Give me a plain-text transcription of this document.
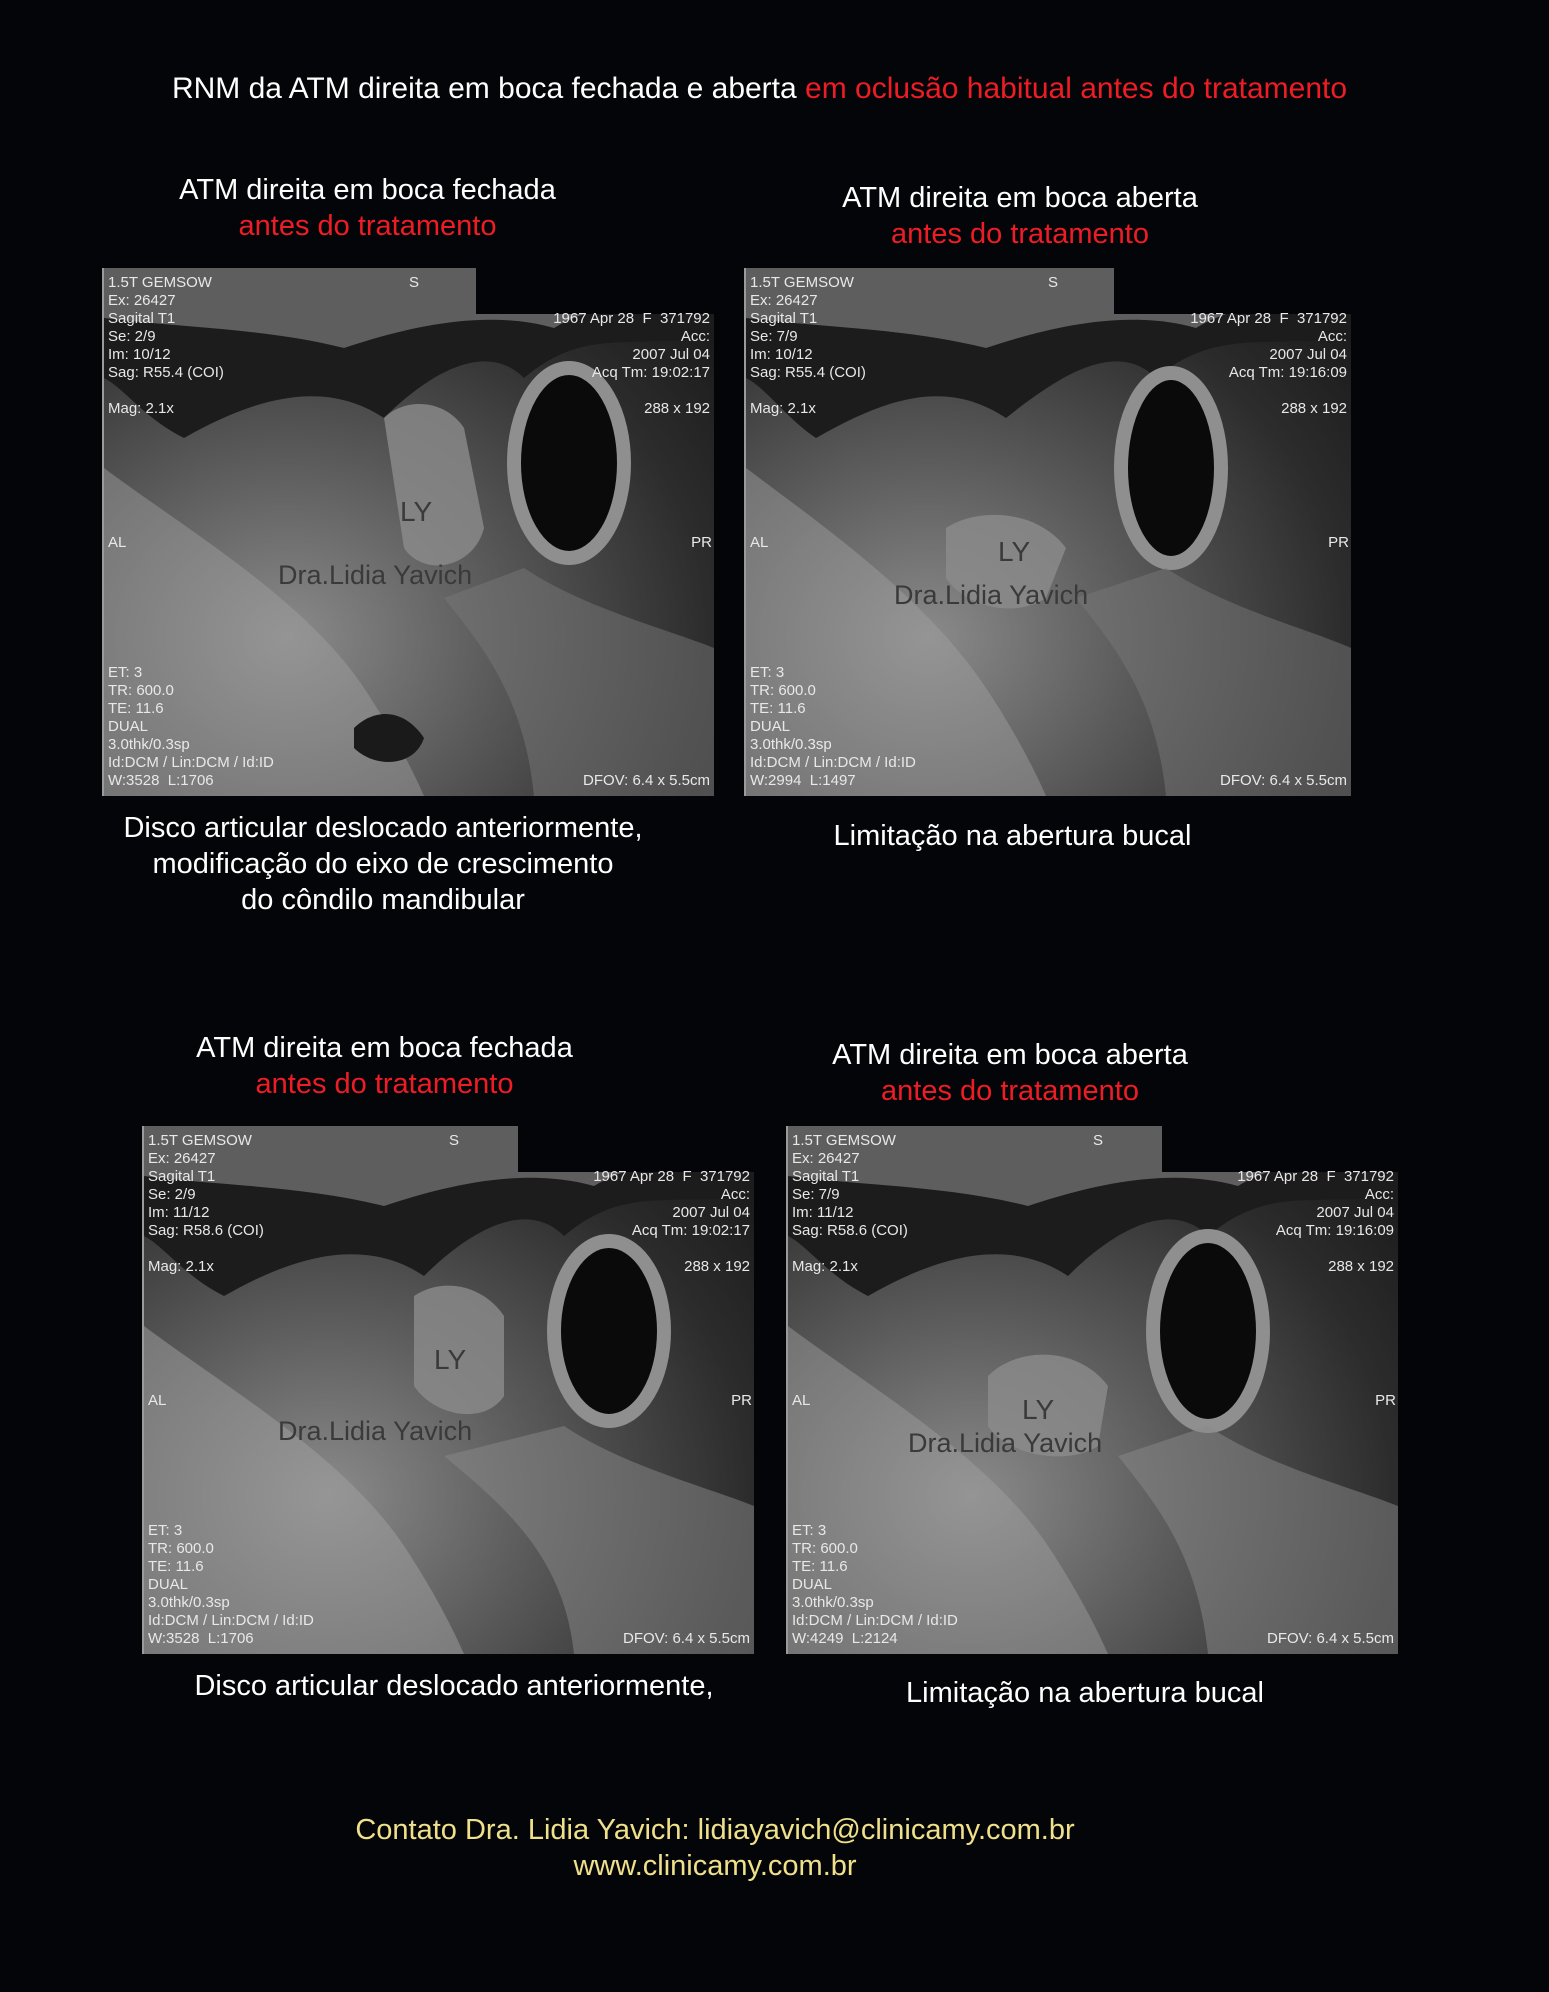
RNM da ATM direita em boca fechada e aberta em oclusão habitual antes do tratamento
ATM direita em boca fechada
antes do tratamento
ATM direita em boca aberta
antes do tratamento
ATM direita em boca fechada
antes do tratamento
ATM direita em boca aberta
antes do tratamento
1.5T GEMSOW
Ex: 26427
Sagital T1
Se: 2/9
Im: 10/12
Sag: R55.4 (COI)

Mag: 2.1x
S
1967 Apr 28  F  371792
Acc:
2007 Jul 04
Acq Tm: 19:02:17

288 x 192
AL	PR
ET: 3
TR: 600.0
TE: 11.6
DUAL
3.0thk/0.3sp
Id:DCM / Lin:DCM / Id:ID
W:3528  L:1706	DFOV: 6.4 x 5.5cm
LY
Dra.Lidia Yavich
1.5T GEMSOW
Ex: 26427
Sagital T1
Se: 7/9
Im: 10/12
Sag: R55.4 (COI)

Mag: 2.1x
S
1967 Apr 28  F  371792
Acc:
2007 Jul 04
Acq Tm: 19:16:09

288 x 192
AL	PR
ET: 3
TR: 600.0
TE: 11.6
DUAL
3.0thk/0.3sp
Id:DCM / Lin:DCM / Id:ID
W:2994  L:1497	DFOV: 6.4 x 5.5cm
LY
Dra.Lidia Yavich
1.5T GEMSOW
Ex: 26427
Sagital T1
Se: 2/9
Im: 11/12
Sag: R58.6 (COI)

Mag: 2.1x
S
1967 Apr 28  F  371792
Acc:
2007 Jul 04
Acq Tm: 19:02:17

288 x 192
AL	PR
ET: 3
TR: 600.0
TE: 11.6
DUAL
3.0thk/0.3sp
Id:DCM / Lin:DCM / Id:ID
W:3528  L:1706	DFOV: 6.4 x 5.5cm
LY
Dra.Lidia Yavich
1.5T GEMSOW
Ex: 26427
Sagital T1
Se: 7/9
Im: 11/12
Sag: R58.6 (COI)

Mag: 2.1x
S
1967 Apr 28  F  371792
Acc:
2007 Jul 04
Acq Tm: 19:16:09

288 x 192
AL	PR
ET: 3
TR: 600.0
TE: 11.6
DUAL
3.0thk/0.3sp
Id:DCM / Lin:DCM / Id:ID
W:4249  L:2124	DFOV: 6.4 x 5.5cm
LY
Dra.Lidia Yavich
Disco articular deslocado anteriormente,
modificação do eixo de crescimento
do côndilo mandibular
Limitação na abertura bucal
Disco articular deslocado anteriormente,	Limitação na abertura bucal
Contato Dra. Lidia Yavich: lidiayavich@clinicamy.com.br
www.clinicamy.com.br
